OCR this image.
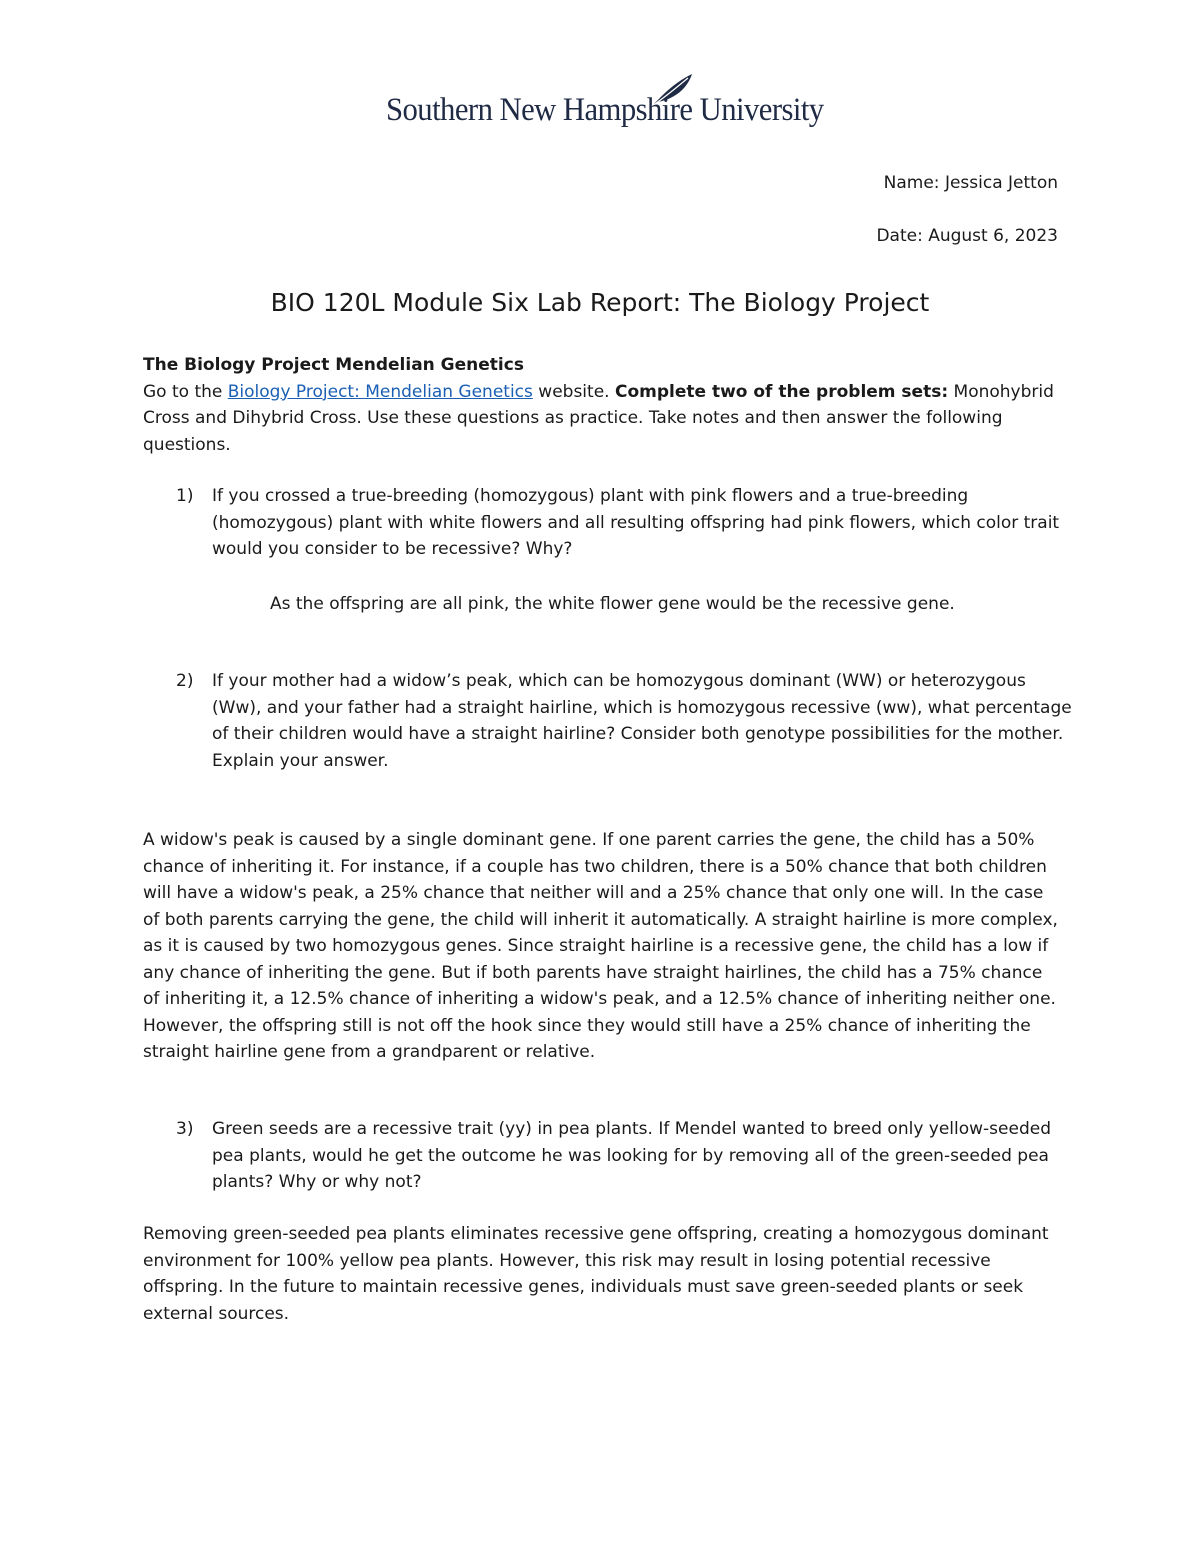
Southern New Hampshire University
Name: Jessica Jetton
Date: August 6, 2023
BIO 120L Module Six Lab Report: The Biology Project
The Biology Project Mendelian Genetics
Go to the Biology Project: Mendelian Genetics website. Complete two of the problem sets: Monohybrid Cross and Dihybrid Cross. Use these questions as practice. Take notes and then answer the following questions.
1) If you crossed a true-breeding (homozygous) plant with pink flowers and a true-breeding (homozygous) plant with white flowers and all resulting offspring had pink flowers, which color trait would you consider to be recessive? Why?
As the offspring are all pink, the white flower gene would be the recessive gene.
2) If your mother had a widow’s peak, which can be homozygous dominant (WW) or heterozygous (Ww), and your father had a straight hairline, which is homozygous recessive (ww), what percentage of their children would have a straight hairline? Consider both genotype possibilities for the mother. Explain your answer.
A widow's peak is caused by a single dominant gene. If one parent carries the gene, the child has a 50% chance of inheriting it. For instance, if a couple has two children, there is a 50% chance that both children will have a widow's peak, a 25% chance that neither will and a 25% chance that only one will. In the case of both parents carrying the gene, the child will inherit it automatically. A straight hairline is more complex, as it is caused by two homozygous genes. Since straight hairline is a recessive gene, the child has a low if any chance of inheriting the gene. But if both parents have straight hairlines, the child has a 75% chance of inheriting it, a 12.5% chance of inheriting a widow's peak, and a 12.5% chance of inheriting neither one. However, the offspring still is not off the hook since they would still have a 25% chance of inheriting the straight hairline gene from a grandparent or relative.
3) Green seeds are a recessive trait (yy) in pea plants. If Mendel wanted to breed only yellow-seeded pea plants, would he get the outcome he was looking for by removing all of the green-seeded pea plants? Why or why not?
Removing green-seeded pea plants eliminates recessive gene offspring, creating a homozygous dominant environment for 100% yellow pea plants. However, this risk may result in losing potential recessive offspring. In the future to maintain recessive genes, individuals must save green-seeded plants or seek external sources.
